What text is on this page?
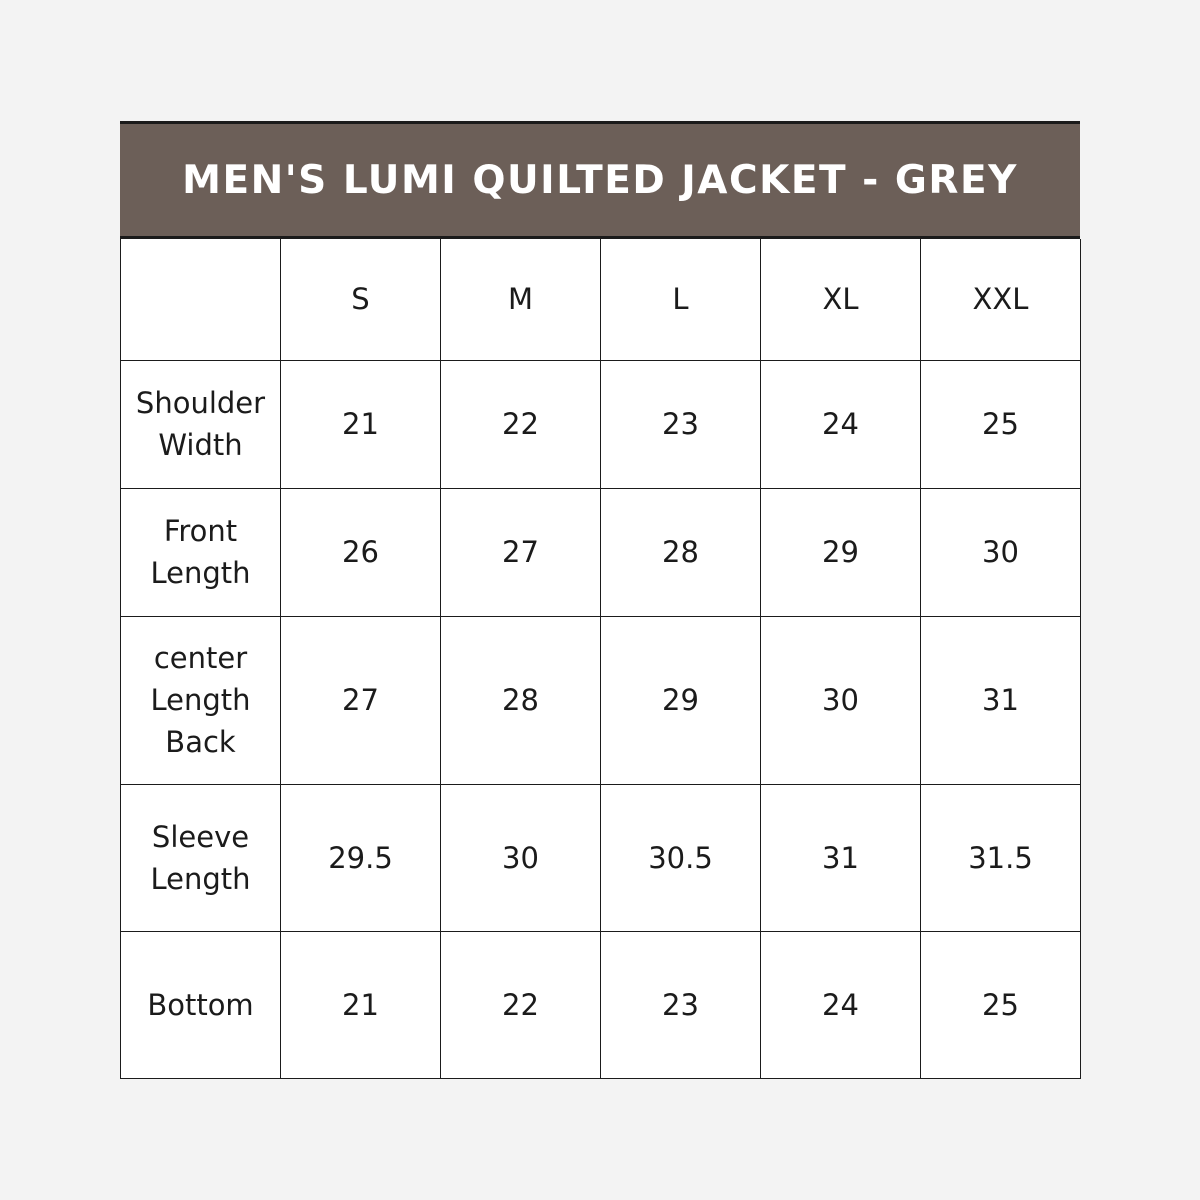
MEN'S LUMI QUILTED JACKET - GREY
	S	M	L	XL	XXL
Shoulder
Width	21	22	23	24	25
Front
Length	26	27	28	29	30
center
Length
Back	27	28	29	30	31
Sleeve
Length	29.5	30	30.5	31	31.5
Bottom	21	22	23	24	25
